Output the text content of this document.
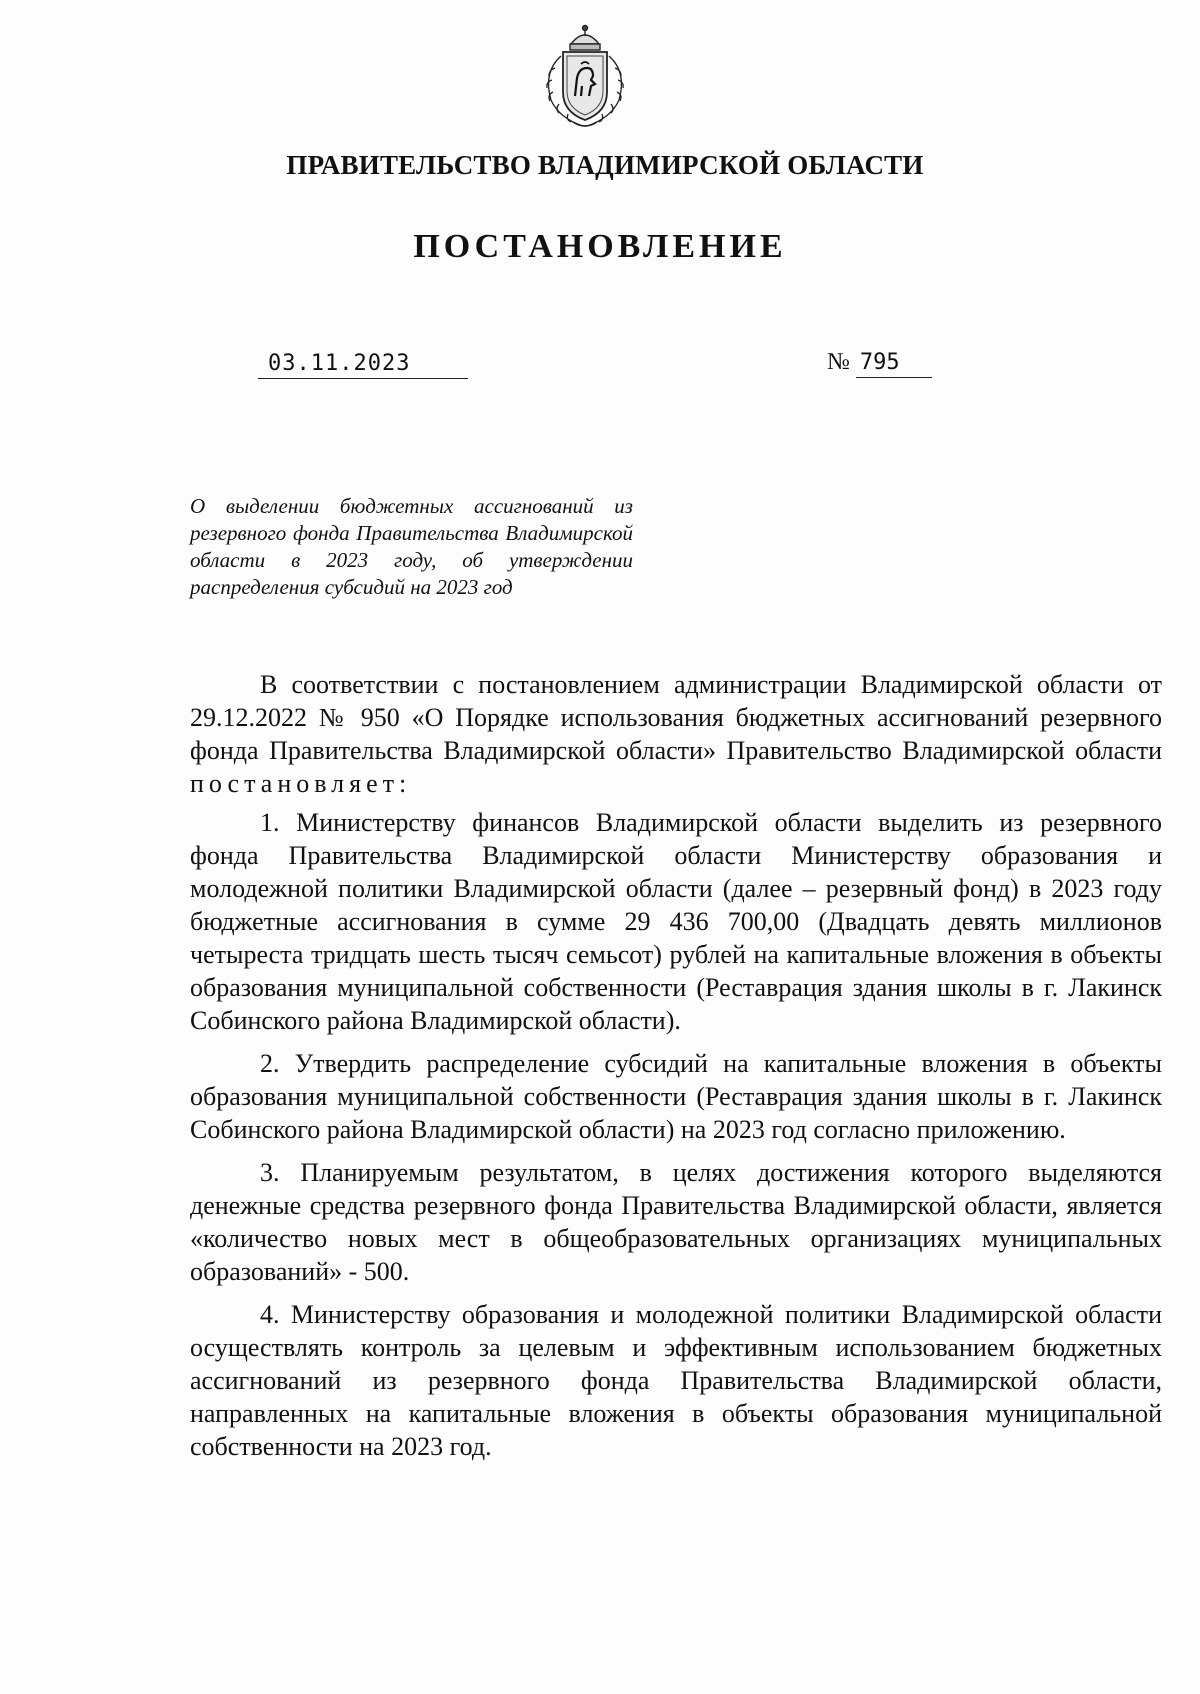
ПРАВИТЕЛЬСТВО ВЛАДИМИРСКОЙ ОБЛАСТИ
ПОСТАНОВЛЕНИЕ
03.11.2023	№ 795
О выделении бюджетных ассигнований из резервного фонда Правительства Владимирской области в 2023 году, об утверждении распределения субсидий на 2023 год

В соответствии с постановлением администрации Владимирской области от 29.12.2022 № 950 «О Порядке использования бюджетных ассигнований резервного фонда Правительства Владимирской области» Правительство Владимирской области постановляет:

1. Министерству финансов Владимирской области выделить из резервного фонда Правительства Владимирской области Министерству образования и молодежной политики Владимирской области (далее – резервный фонд) в 2023 году бюджетные ассигнования в сумме 29 436 700,00 (Двадцать девять миллионов четыреста тридцать шесть тысяч семьсот) рублей на капитальные вложения в объекты образования муниципальной собственности (Реставрация здания школы в г. Лакинск Собинского района Владимирской области).

2. Утвердить распределение субсидий на капитальные вложения в объекты образования муниципальной собственности (Реставрация здания школы в г. Лакинск Собинского района Владимирской области) на 2023 год согласно приложению.

3. Планируемым результатом, в целях достижения которого выделяются денежные средства резервного фонда Правительства Владимирской области, является «количество новых мест в общеобразовательных организациях муниципальных образований» - 500.

4. Министерству образования и молодежной политики Владимирской области осуществлять контроль за целевым и эффективным использованием бюджетных ассигнований из резервного фонда Правительства Владимирской области, направленных на капитальные вложения в объекты образования муниципальной собственности на 2023 год.
